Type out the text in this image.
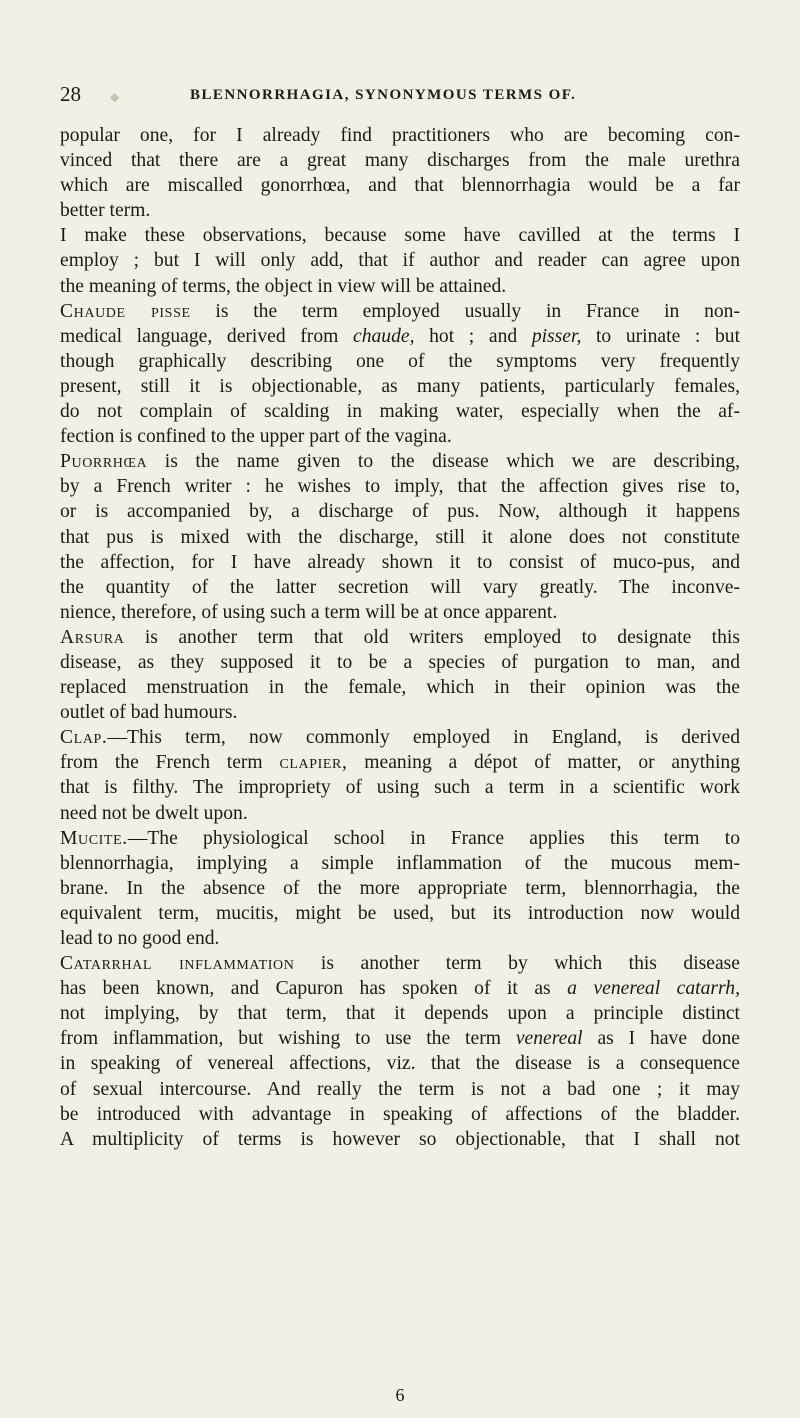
28 ◆	BLENNORRHAGIA, SYNONYMOUS TERMS OF.
popular one, for I already find practitioners who are becoming con-
vinced that there are a great many discharges from the male urethra
which are miscalled gonorrhœa, and that blennorrhagia would be a far
better term.
I make these observations, because some have cavilled at the terms I
employ ; but I will only add, that if author and reader can agree upon
the meaning of terms, the object in view will be attained.
Chaude pisse is the term employed usually in France in non-
medical language, derived from chaude, hot ; and pisser, to urinate : but
though graphically describing one of the symptoms very frequently
present, still it is objectionable, as many patients, particularly females,
do not complain of scalding in making water, especially when the af-
fection is confined to the upper part of the vagina.
Puorrhœa is the name given to the disease which we are describing,
by a French writer : he wishes to imply, that the affection gives rise to,
or is accompanied by, a discharge of pus. Now, although it happens
that pus is mixed with the discharge, still it alone does not constitute
the affection, for I have already shown it to consist of muco-pus, and
the quantity of the latter secretion will vary greatly. The inconve-
nience, therefore, of using such a term will be at once apparent.
Arsura is another term that old writers employed to designate this
disease, as they supposed it to be a species of purgation to man, and
replaced menstruation in the female, which in their opinion was the
outlet of bad humours.
Clap.—This term, now commonly employed in England, is derived
from the French term clapier, meaning a dépot of matter, or anything
that is filthy. The impropriety of using such a term in a scientific work
need not be dwelt upon.
Mucite.—The physiological school in France applies this term to
blennorrhagia, implying a simple inflammation of the mucous mem-
brane. In the absence of the more appropriate term, blennorrhagia, the
equivalent term, mucitis, might be used, but its introduction now would
lead to no good end.
Catarrhal inflammation is another term by which this disease
has been known, and Capuron has spoken of it as a venereal catarrh,
not implying, by that term, that it depends upon a principle distinct
from inflammation, but wishing to use the term venereal as I have done
in speaking of venereal affections, viz. that the disease is a consequence
of sexual intercourse. And really the term is not a bad one ; it may
be introduced with advantage in speaking of affections of the bladder.
A multiplicity of terms is however so objectionable, that I shall not
6
